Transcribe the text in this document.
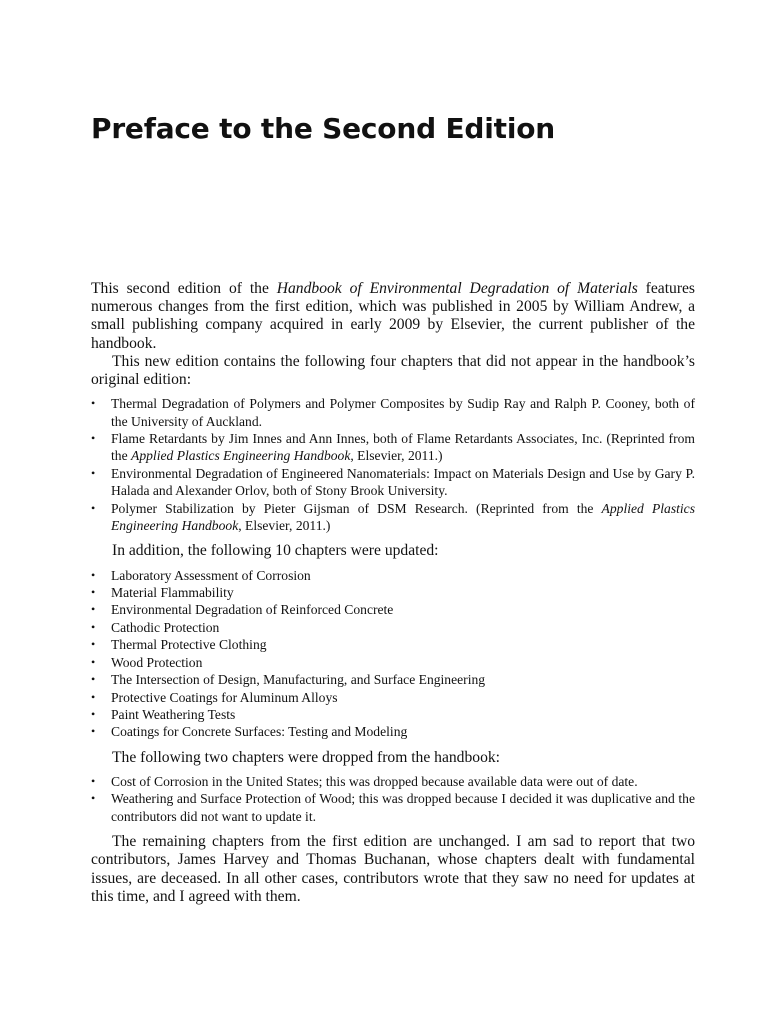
Preface to the Second Edition

This second edition of the Handbook of Environmental Degradation of Materials features numerous changes from the first edition, which was published in 2005 by William Andrew, a small publishing company acquired in early 2009 by Elsevier, the current publisher of the handbook.

This new edition contains the following four chapters that did not appear in the handbook’s original edition:

• Thermal Degradation of Polymers and Polymer Composites by Sudip Ray and Ralph P. Cooney, both of the University of Auckland.
• Flame Retardants by Jim Innes and Ann Innes, both of Flame Retardants Associates, Inc. (Reprinted from the Applied Plastics Engineering Handbook, Elsevier, 2011.)
• Environmental Degradation of Engineered Nanomaterials: Impact on Materials Design and Use by Gary P. Halada and Alexander Orlov, both of Stony Brook University.
• Polymer Stabilization by Pieter Gijsman of DSM Research. (Reprinted from the Applied Plastics Engineering Handbook, Elsevier, 2011.)

In addition, the following 10 chapters were updated:

• Laboratory Assessment of Corrosion
• Material Flammability
• Environmental Degradation of Reinforced Concrete
• Cathodic Protection
• Thermal Protective Clothing
• Wood Protection
• The Intersection of Design, Manufacturing, and Surface Engineering
• Protective Coatings for Aluminum Alloys
• Paint Weathering Tests
• Coatings for Concrete Surfaces: Testing and Modeling

The following two chapters were dropped from the handbook:

• Cost of Corrosion in the United States; this was dropped because available data were out of date.
• Weathering and Surface Protection of Wood; this was dropped because I decided it was duplicative and the contributors did not want to update it.

The remaining chapters from the first edition are unchanged. I am sad to report that two contributors, James Harvey and Thomas Buchanan, whose chapters dealt with fundamental issues, are deceased. In all other cases, contributors wrote that they saw no need for updates at this time, and I agreed with them.
